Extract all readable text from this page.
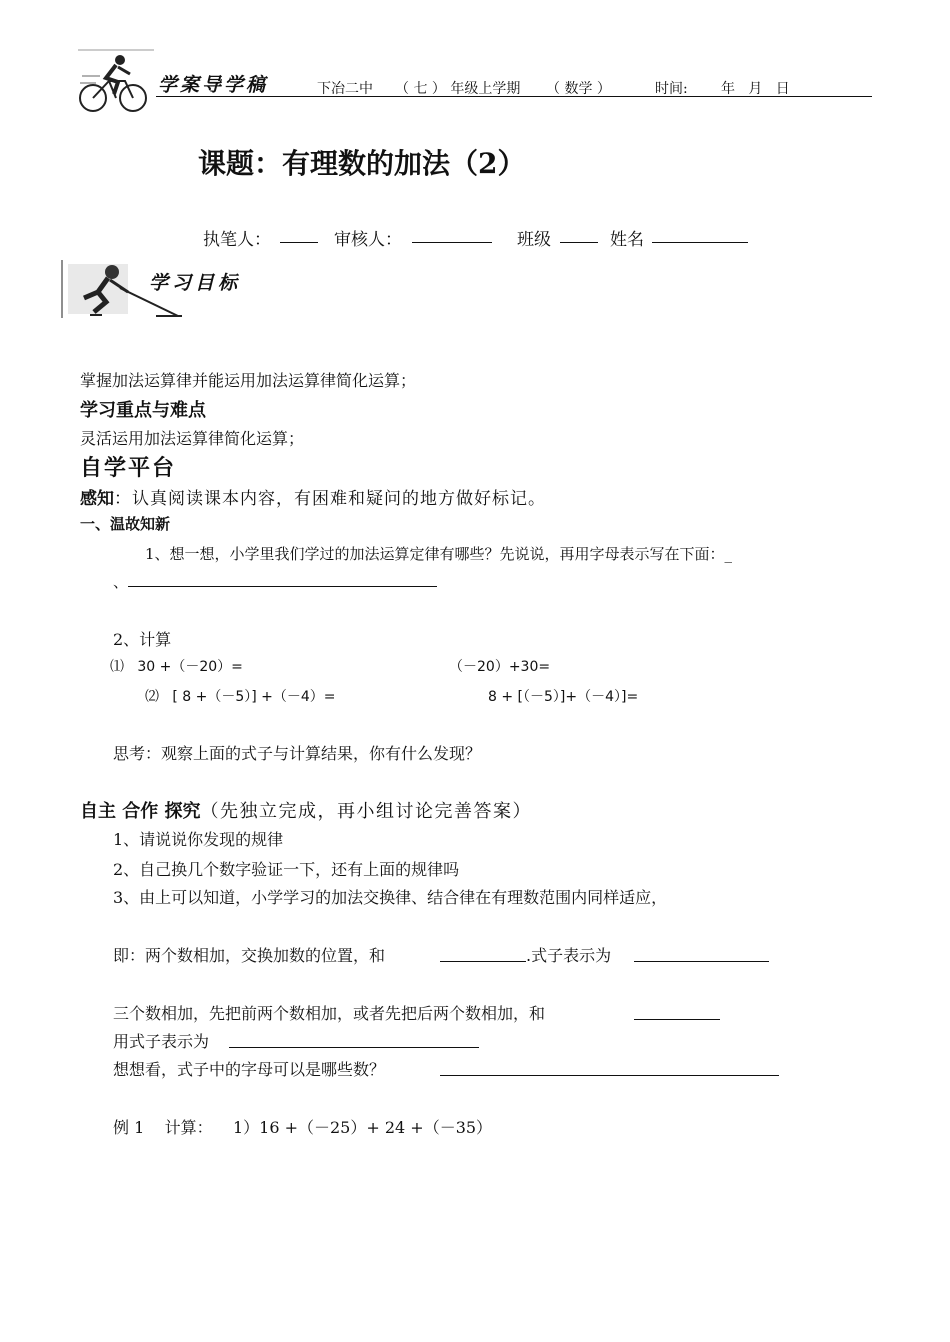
学案导学稿	下冶二中 （ 七 ） 年级上学期 （ 数学 ）	时间: 年   月   日
课题：有理数的加法（2）
执笔人：	审核人：	班级	姓名
学习目标
掌握加法运算律并能运用加法运算律简化运算；
学习重点与难点
灵活运用加法运算律简化运算；
自学平台
感知：认真阅读课本内容，有困难和疑问的地方做好标记。
一、温故知新
1、想一想，小学里我们学过的加法运算定律有哪些？先说说，再用字母表示写在下面：_
、
2、计算
⑴   30 +（－20）=	（－20）+30=
⑵   [ 8 +（－5）] +（－4）=	8 + [（－5）]+（－4）]=
思考：观察上面的式子与计算结果，你有什么发现？
自主 合作 探究（先独立完成，再小组讨论完善答案）
1、请说说你发现的规律
2、自己换几个数字验证一下，还有上面的规律吗
3、由上可以知道，小学学习的加法交换律、结合律在有理数范围内同样适应，
即：两个数相加，交换加数的位置，和	.式子表示为
三个数相加，先把前两个数相加，或者先把后两个数相加，和
用式子表示为
想想看，式子中的字母可以是哪些数？
例 1    计算：    1）16 +（－25）+ 24 +（－35）
